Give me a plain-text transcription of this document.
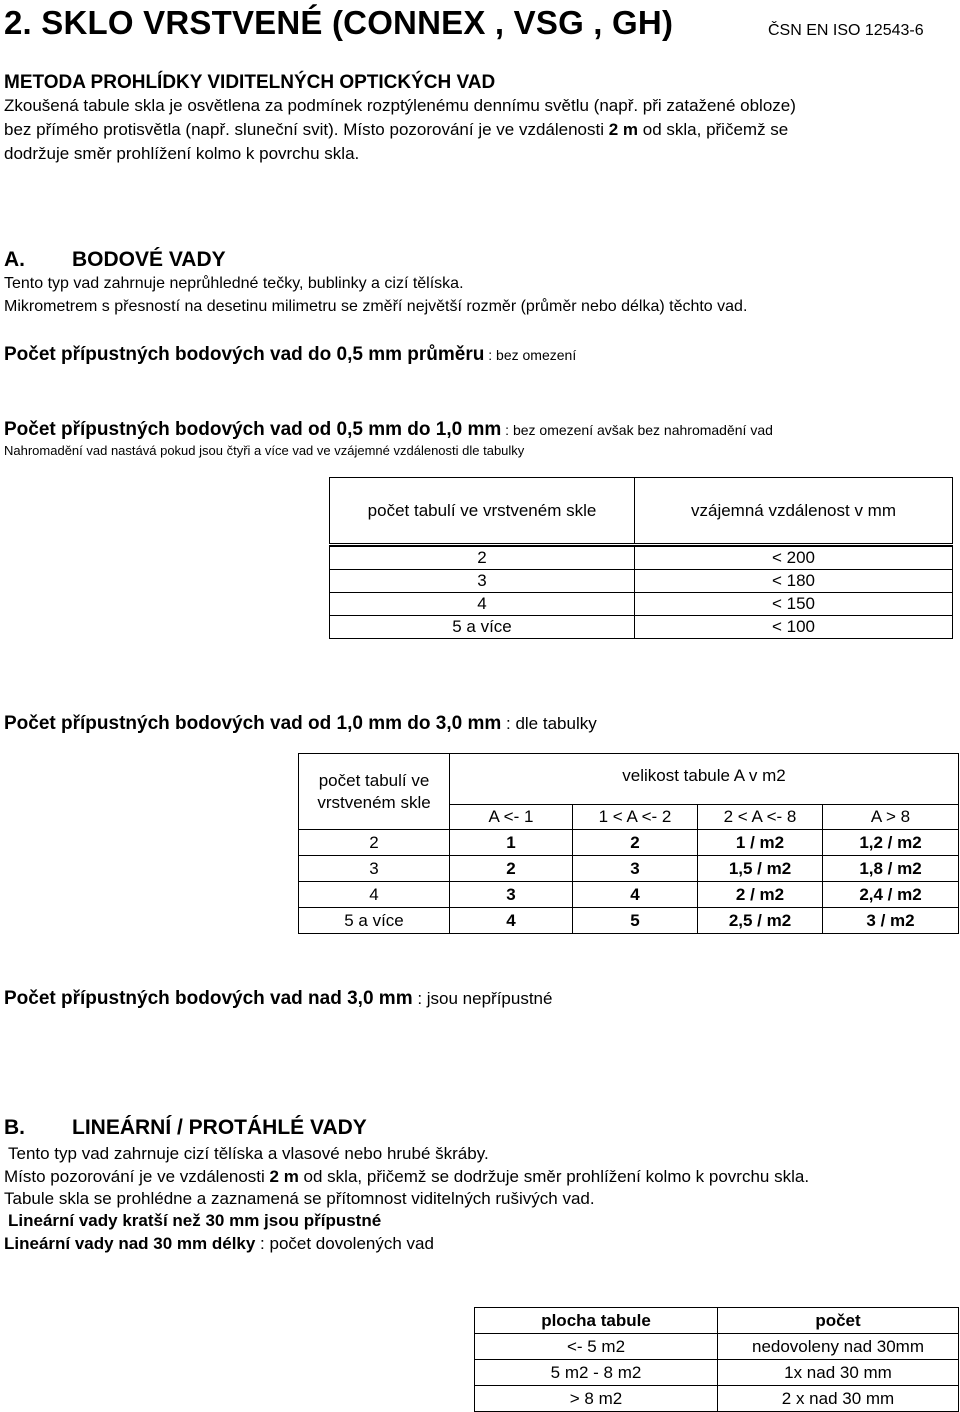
2. SKLO VRSTVENÉ (CONNEX , VSG , GH)	ČSN EN ISO 12543-6
METODA PROHLÍDKY VIDITELNÝCH OPTICKÝCH VAD
Zkoušená tabule skla je osvětlena za podmínek rozptýlenému dennímu světlu (např. při zatažené obloze)
bez přímého protisvětla (např. sluneční svit). Místo pozorování je ve vzdálenosti 2 m od skla, přičemž se
dodržuje směr prohlížení kolmo k povrchu skla.
A. BODOVÉ VADY
Tento typ vad zahrnuje neprůhledné tečky, bublinky a cizí tělíska.
Mikrometrem s přesností na desetinu milimetru se změří největší rozměr (průměr nebo délka) těchto vad.
Počet přípustných bodových vad do 0,5 mm průměru : bez omezení
Počet přípustných bodových vad od 0,5 mm do 1,0 mm : bez omezení avšak bez nahromadění vad
Nahromadění vad nastává pokud jsou čtyři a více vad ve vzájemné vzdálenosti dle tabulky
počet tabulí ve vrstveném skle	vzájemná vzdálenost v mm

2	< 200
3	< 180
4	< 150
5 a více	< 100
Počet přípustných bodových vad od 1,0 mm do 3,0 mm : dle tabulky
počet tabulí ve
vrstveném skle	velikost tabule A v m2			
	A <- 1	1 < A <- 2	2 < A <- 8	A > 8
2	1	2	1 / m2	1,2 / m2
3	2	3	1,5 / m2	1,8 / m2
4	3	4	2 / m2	2,4 / m2
5 a více	4	5	2,5 / m2	3 / m2
Počet přípustných bodových vad nad 3,0 mm : jsou nepřípustné
B. LINEÁRNÍ / PROTÁHLÉ VADY
Tento typ vad zahrnuje cizí tělíska a vlasové nebo hrubé škráby.
Místo pozorování je ve vzdálenosti 2 m od skla, přičemž se dodržuje směr prohlížení kolmo k povrchu skla.
Tabule skla se prohlédne a zaznamená se přítomnost viditelných rušivých vad.
Lineární vady kratší než 30 mm jsou přípustné
Lineární vady nad 30 mm délky : počet dovolených vad
plocha tabule	počet
<- 5 m2	nedovoleny nad 30mm
5 m2 - 8 m2	1x nad 30 mm
> 8 m2	2 x nad 30 mm
